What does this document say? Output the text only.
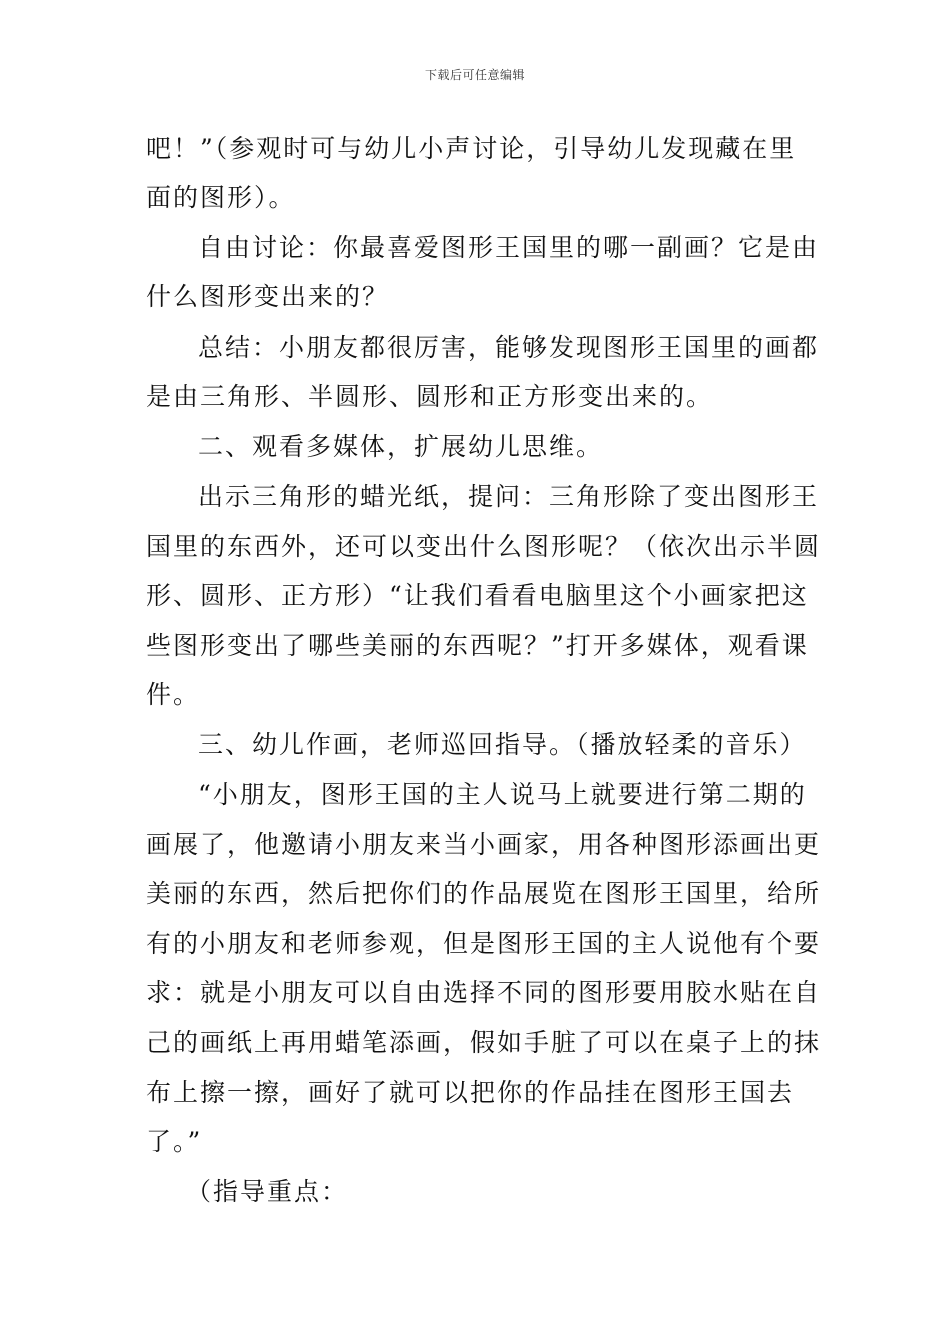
下载后可任意编辑
吧！”（参观时可与幼儿小声讨论，引导幼儿发现藏在里
面的图形）。
自由讨论：你最喜爱图形王国里的哪一副画？它是由
什么图形变出来的？
总结：小朋友都很厉害，能够发现图形王国里的画都
是由三角形、半圆形、圆形和正方形变出来的。
二、观看多媒体，扩展幼儿思维。
出示三角形的蜡光纸，提问：三角形除了变出图形王
国里的东西外，还可以变出什么图形呢？（依次出示半圆
形、圆形、正方形）“让我们看看电脑里这个小画家把这
些图形变出了哪些美丽的东西呢？”打开多媒体，观看课
件。
三、幼儿作画，老师巡回指导。（播放轻柔的音乐）
“小朋友，图形王国的主人说马上就要进行第二期的
画展了，他邀请小朋友来当小画家，用各种图形添画出更
美丽的东西，然后把你们的作品展览在图形王国里，给所
有的小朋友和老师参观，但是图形王国的主人说他有个要
求：就是小朋友可以自由选择不同的图形要用胶水贴在自
己的画纸上再用蜡笔添画，假如手脏了可以在桌子上的抹
布上擦一擦，画好了就可以把你的作品挂在图形王国去
了。”
（指导重点：
